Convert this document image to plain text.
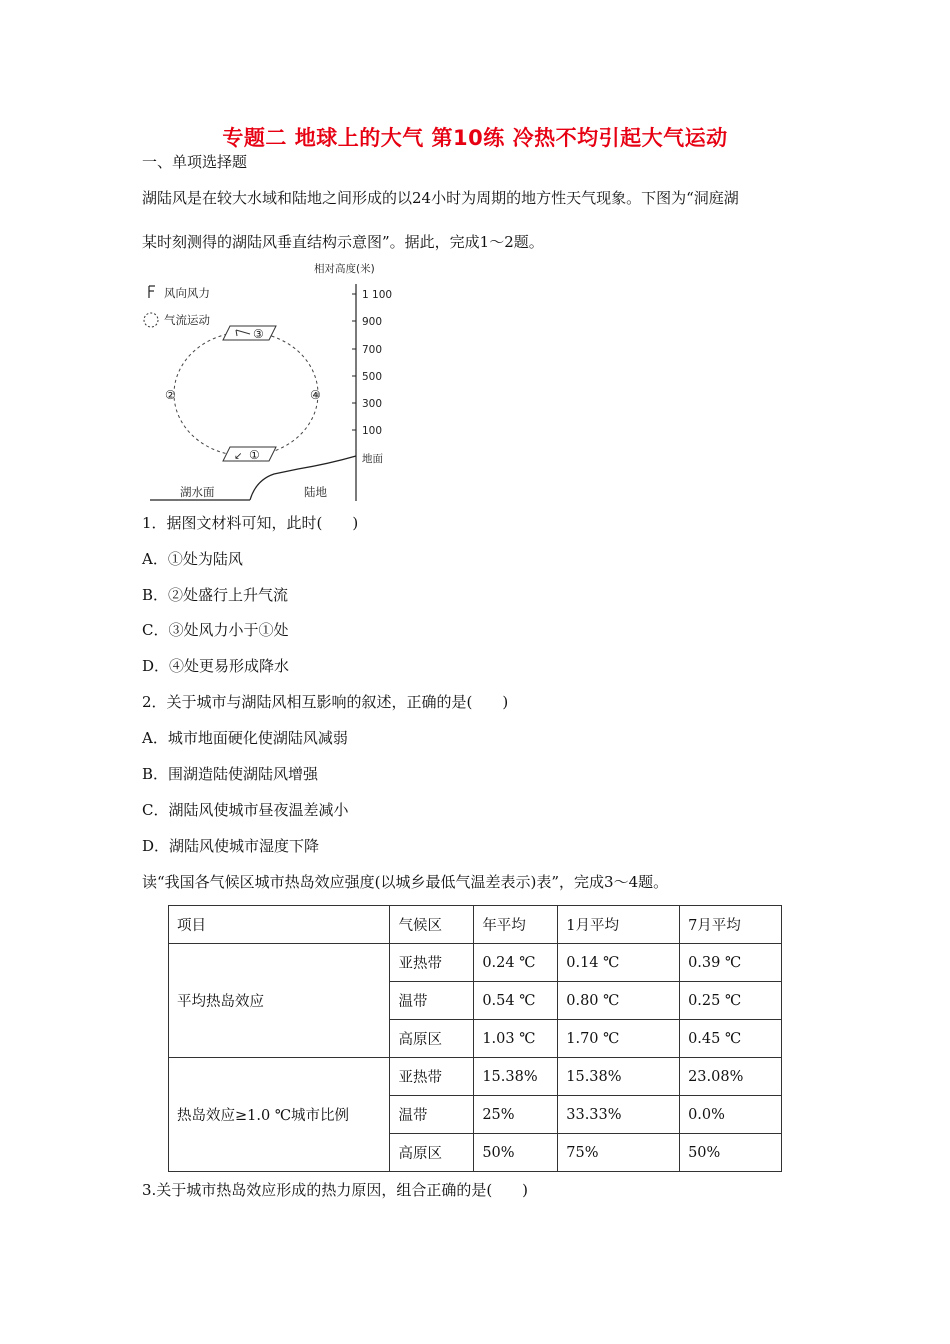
专题二 地球上的大气 第10练 冷热不均引起大气运动
一、单项选择题
湖陆风是在较大水域和陆地之间形成的以24小时为周期的地方性天气现象。下图为“洞庭湖
某时刻测得的湖陆风垂直结构示意图”。据此，完成1～2题。
风向风力
气流运动
③
↙ ①
②	④
相对高度(米)
1 100
900
700
500
300
100
地面
湖水面	陆地
1．据图文材料可知，此时(　　)
A．①处为陆风
B．②处盛行上升气流
C．③处风力小于①处
D．④处更易形成降水
2．关于城市与湖陆风相互影响的叙述，正确的是(　　)
A．城市地面硬化使湖陆风减弱
B．围湖造陆使湖陆风增强
C．湖陆风使城市昼夜温差减小
D．湖陆风使城市湿度下降
读“我国各气候区城市热岛效应强度(以城乡最低气温差表示)表”，完成3～4题。
项目	气候区	年平均	1月平均	7月平均
平均热岛效应	亚热带	0.24 ℃	0.14 ℃	0.39 ℃
	温带	0.54 ℃	0.80 ℃	0.25 ℃
	高原区	1.03 ℃	1.70 ℃	0.45 ℃
热岛效应≥1.0 ℃城市比例	亚热带	15.38%	15.38%	23.08%
	温带	25%	33.33%	0.0%
	高原区	50%	75%	50%
3.关于城市热岛效应形成的热力原因，组合正确的是(　　)
